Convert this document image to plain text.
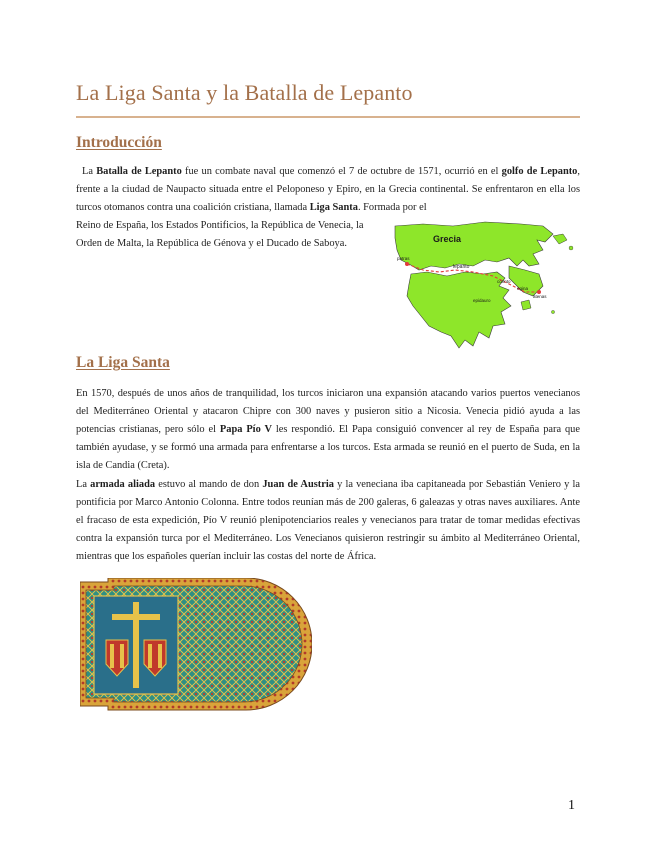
La Liga Santa y la Batalla de Lepanto
Introducción

La Batalla de Lepanto fue un combate naval que comenzó el 7 de octubre de 1571, ocurrió en el golfo de Lepanto, frente a la ciudad de Naupacto situada entre el Peloponeso y Epiro, en la Grecia continental. Se enfrentaron en ella los turcos otomanos contra una coalición cristiana, llamada Liga Santa. Formada por el

Reino de España, los Estados Pontificios, la República de Venecia, la

Orden de Malta, la República de Génova y el Ducado de Saboya.	Grecia
lepanto
patras
corinto
atenas
epidauro
egina
La Liga Santa

En 1570, después de unos años de tranquilidad, los turcos iniciaron una expansión atacando varios puertos venecianos del Mediterráneo Oriental y atacaron Chipre con 300 naves y pusieron sitio a Nicosia. Venecia pidió ayuda a las potencias cristianas, pero sólo el Papa Pío V les respondió. El Papa consiguió convencer al rey de España para que también ayudase, y se formó una armada para enfrentarse a los turcos. Esta armada se reunió en el puerto de Suda, en la isla de Candia (Creta).

La armada aliada estuvo al mando de don Juan de Austria y la veneciana iba capitaneada por Sebastián Veniero y la pontificia por Marco Antonio Colonna. Entre todos reunían más de 200 galeras, 6 galeazas y otras naves auxiliares. Ante el fracaso de esta expedición, Pío V reunió plenipotenciarios reales y venecianos para tratar de tomar medidas efectivas contra la expansión turca por el Mediterráneo. Los Venecianos quisieron restringir su ámbito al Mediterráneo Oriental, mientras que los españoles querían incluir las costas del norte de África.

1
